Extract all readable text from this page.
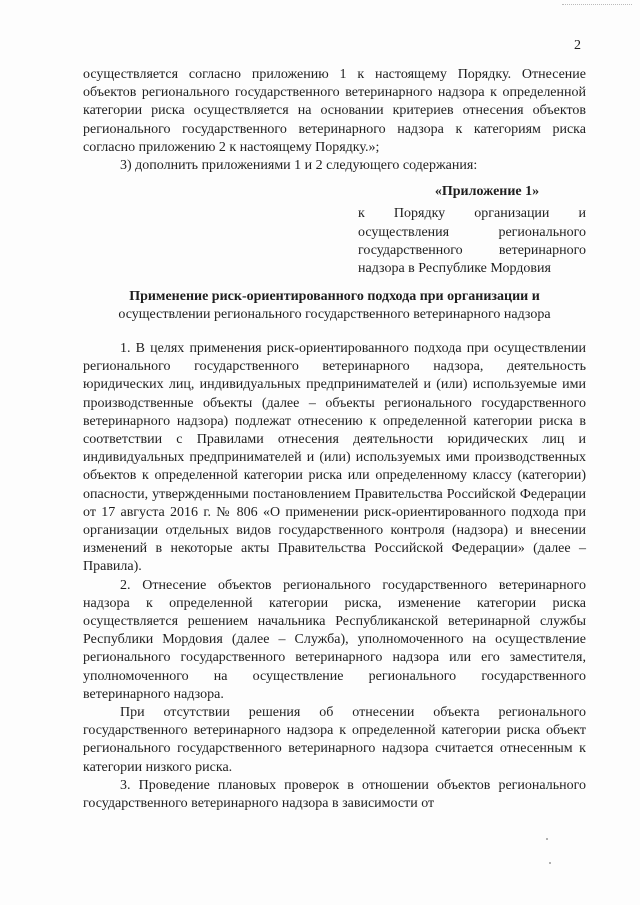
2

осуществляется согласно приложению 1 к настоящему Порядку. Отнесение объектов регионального государственного ветеринарного надзора к определенной категории риска осуществляется на основании критериев отнесения объектов регионального государственного ветеринарного надзора к категориям риска согласно приложению 2 к настоящему Порядку.»;

3) дополнить приложениями 1 и 2 следующего содержания:

«Приложение 1»

к Порядку организации и осуществления регионального государственного ветеринарного надзора в Республике Мордовия

Применение риск-ориентированного подхода при организации и
осуществлении регионального государственного ветеринарного надзора

1. В целях применения риск-ориентированного подхода при осуществлении регионального государственного ветеринарного надзора, деятельность юридических лиц, индивидуальных предпринимателей и (или) используемые ими производственные объекты (далее – объекты регионального государственного ветеринарного надзора) подлежат отнесению к определенной категории риска в соответствии с Правилами отнесения деятельности юридических лиц и индивидуальных предпринимателей и (или) используемых ими производственных объектов к определенной категории риска или определенному классу (категории) опасности, утвержденными постановлением Правительства Российской Федерации от 17 августа 2016 г. № 806 «О применении риск-ориентированного подхода при организации отдельных видов государственного контроля (надзора) и внесении изменений в некоторые акты Правительства Российской Федерации» (далее – Правила).

2. Отнесение объектов регионального государственного ветеринарного надзора к определенной категории риска, изменение категории риска осуществляется решением начальника Республиканской ветеринарной службы Республики Мордовия (далее – Служба), уполномоченного на осуществление регионального государственного ветеринарного надзора или его заместителя, уполномоченного на осуществление регионального государственного ветеринарного надзора.

При отсутствии решения об отнесении объекта регионального государственного ветеринарного надзора к определенной категории риска объект регионального государственного ветеринарного надзора считается отнесенным к категории низкого риска.

3. Проведение плановых проверок в отношении объектов регионального государственного ветеринарного надзора в зависимости от
